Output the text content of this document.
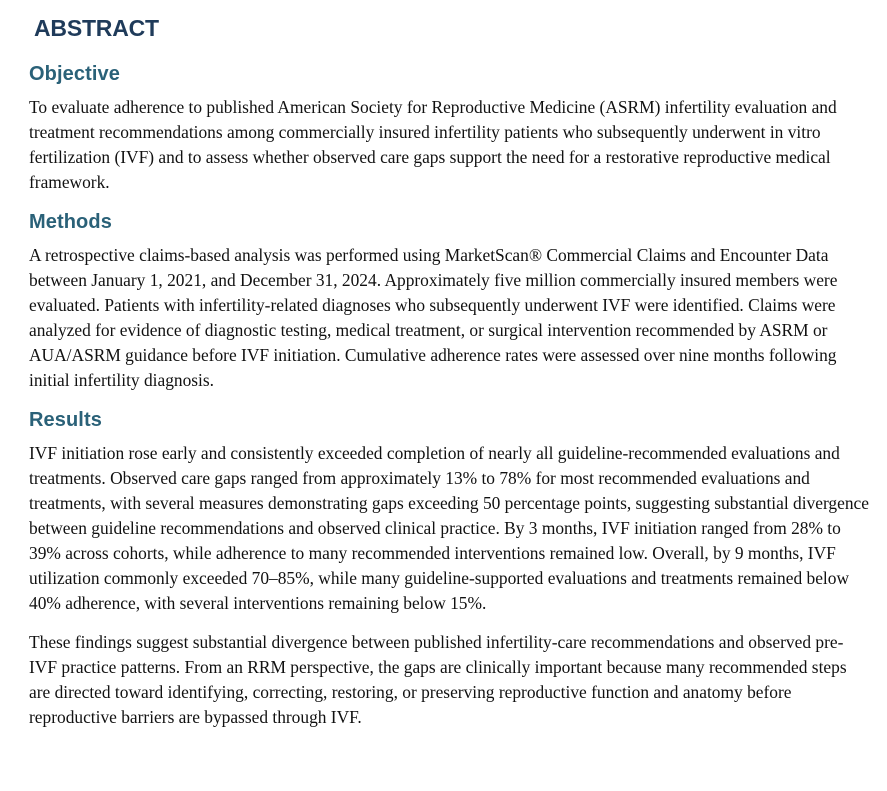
ABSTRACT
Objective

To evaluate adherence to published American Society for Reproductive Medicine (ASRM) infertility evaluation and treatment recommendations among commercially insured infertility patients who subsequently underwent in vitro fertilization (IVF) and to assess whether observed care gaps support the need for a restorative reproductive medical framework.

Methods

A retrospective claims-based analysis was performed using MarketScan® Commercial Claims and Encounter Data between January 1, 2021, and December 31, 2024. Approximately five million commercially insured members were evaluated. Patients with infertility-related diagnoses who subsequently underwent IVF were identified. Claims were analyzed for evidence of diagnostic testing, medical treatment, or surgical intervention recommended by ASRM or AUA/ASRM guidance before IVF initiation. Cumulative adherence rates were assessed over nine months following initial infertility diagnosis.

Results

IVF initiation rose early and consistently exceeded completion of nearly all guideline-recommended evaluations and treatments. Observed care gaps ranged from approximately 13% to 78% for most recommended evaluations and treatments, with several measures demonstrating gaps exceeding 50 percentage points, suggesting substantial divergence between guideline recommendations and observed clinical practice. By 3 months, IVF initiation ranged from 28% to 39% across cohorts, while adherence to many recommended interventions remained low. Overall, by 9 months, IVF utilization commonly exceeded 70–85%, while many guideline-supported evaluations and treatments remained below 40% adherence, with several interventions remaining below 15%.

These findings suggest substantial divergence between published infertility-care recommendations and observed pre-IVF practice patterns. From an RRM perspective, the gaps are clinically important because many recommended steps are directed toward identifying, correcting, restoring, or preserving reproductive function and anatomy before reproductive barriers are bypassed through IVF.
